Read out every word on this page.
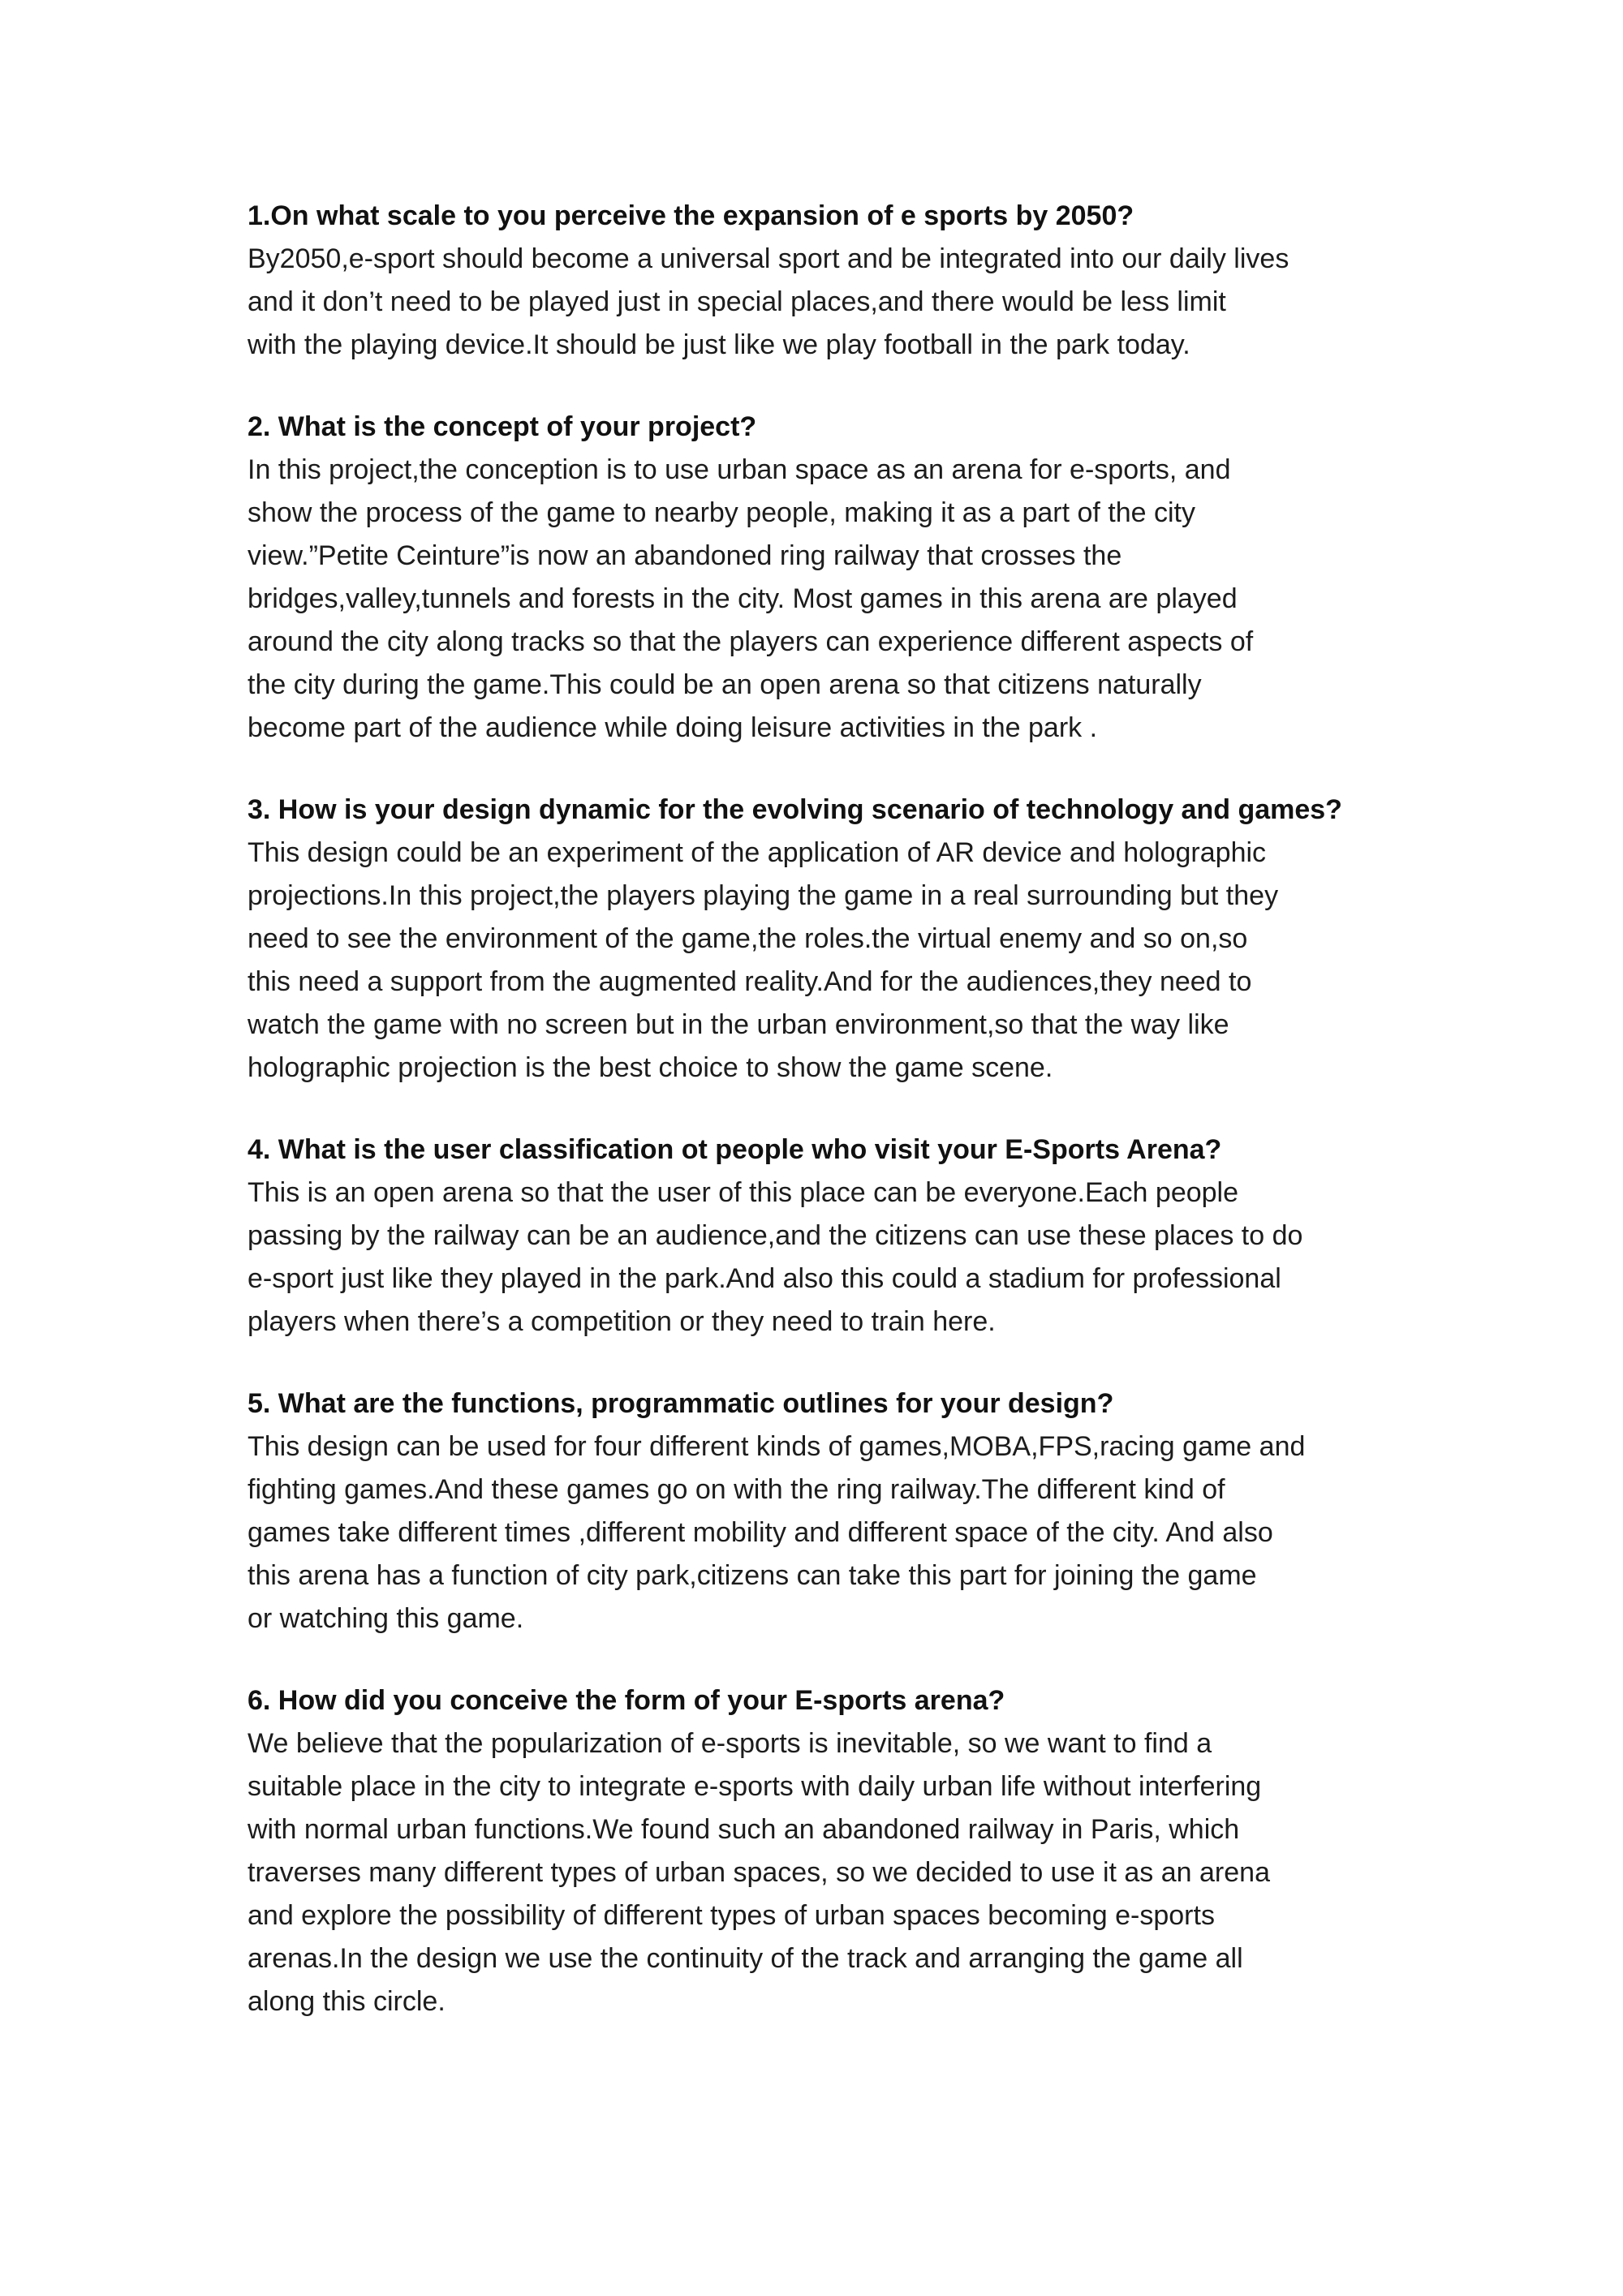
1.On what scale to you perceive the expansion of e sports by 2050?

By2050,e-sport should become a universal sport and be integrated into our daily lives

and it don’t need to be played just in special places,and there would be less limit

with the playing device.It should be just like we play football in the park today.

2. What is the concept of your project?

In this project,the conception is to use urban space as an arena for e-sports, and

show the process of the game to nearby people, making it as a part of the city

view.”Petite Ceinture”is now an abandoned ring railway that crosses the

bridges,valley,tunnels and forests in the city. Most games in this arena are played

around the city along tracks so that the players can experience different aspects of

the city during the game.This could be an open arena so that citizens naturally

become part of the audience while doing leisure activities in the park .

3. How is your design dynamic for the evolving scenario of technology and games?

This design could be an experiment of the application of AR device and holographic

projections.In this project,the players playing the game in a real surrounding but they

need to see the environment of the game,the roles.the virtual enemy and so on,so

this need a support from the augmented reality.And for the audiences,they need to

watch the game with no screen but in the urban environment,so that the way like

holographic projection is the best choice to show the game scene.

4. What is the user classification ot people who visit your E-Sports Arena?

This is an open arena so that the user of this place can be everyone.Each people

passing by the railway can be an audience,and the citizens can use these places to do

e-sport just like they played in the park.And also this could a stadium for professional

players when there’s a competition or they need to train here.

5. What are the functions, programmatic outlines for your design?

This design can be used for four different kinds of games,MOBA,FPS,racing game and

fighting games.And these games go on with the ring railway.The different kind of

games take different times ,different mobility and different space of the city. And also

this arena has a function of city park,citizens can take this part for joining the game

or watching this game.

6. How did you conceive the form of your E-sports arena?

We believe that the popularization of e-sports is inevitable, so we want to find a

suitable place in the city to integrate e-sports with daily urban life without interfering

with normal urban functions.We found such an abandoned railway in Paris, which

traverses many different types of urban spaces, so we decided to use it as an arena

and explore the possibility of different types of urban spaces becoming e-sports

arenas.In the design we use the continuity of the track and arranging the game all

along this circle.
